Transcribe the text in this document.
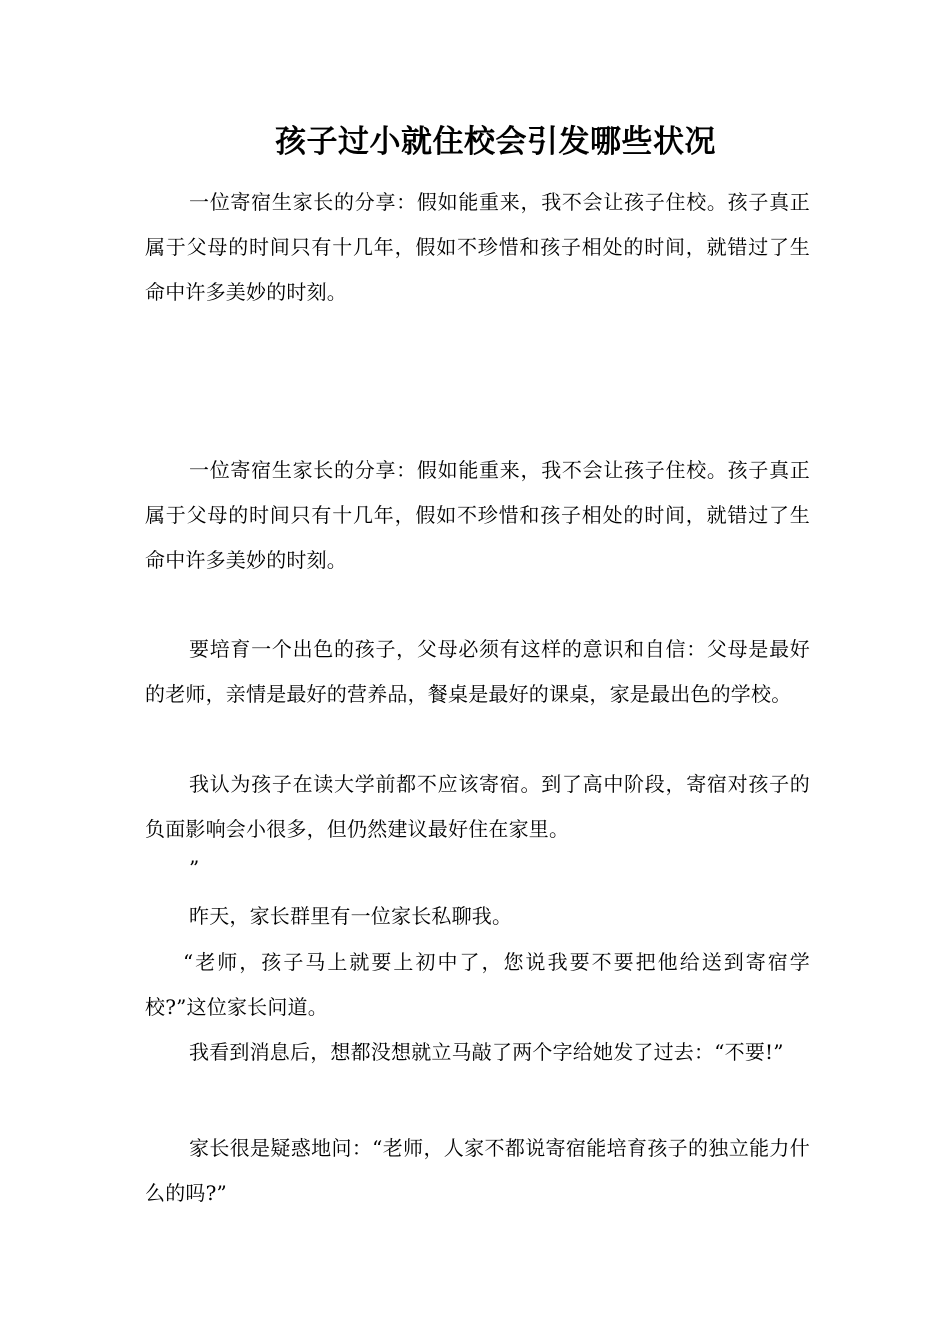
孩子过小就住校会引发哪些状况

一位寄宿生家长的分享：假如能重来，我不会让孩子住校。孩子真正属于父母的时间只有十几年，假如不珍惜和孩子相处的时间，就错过了生命中许多美妙的时刻。

一位寄宿生家长的分享：假如能重来，我不会让孩子住校。孩子真正属于父母的时间只有十几年，假如不珍惜和孩子相处的时间，就错过了生命中许多美妙的时刻。

要培育一个出色的孩子，父母必须有这样的意识和自信：父母是最好的老师，亲情是最好的营养品，餐桌是最好的课桌，家是最出色的学校。

我认为孩子在读大学前都不应该寄宿。到了高中阶段，寄宿对孩子的负面影响会小很多，但仍然建议最好住在家里。

”

昨天，家长群里有一位家长私聊我。

“老师，孩子马上就要上初中了，您说我要不要把他给送到寄宿学校?”这位家长问道。

我看到消息后，想都没想就立马敲了两个字给她发了过去：“不要!”

家长很是疑惑地问：“老师，人家不都说寄宿能培育孩子的独立能力什么的吗?”
